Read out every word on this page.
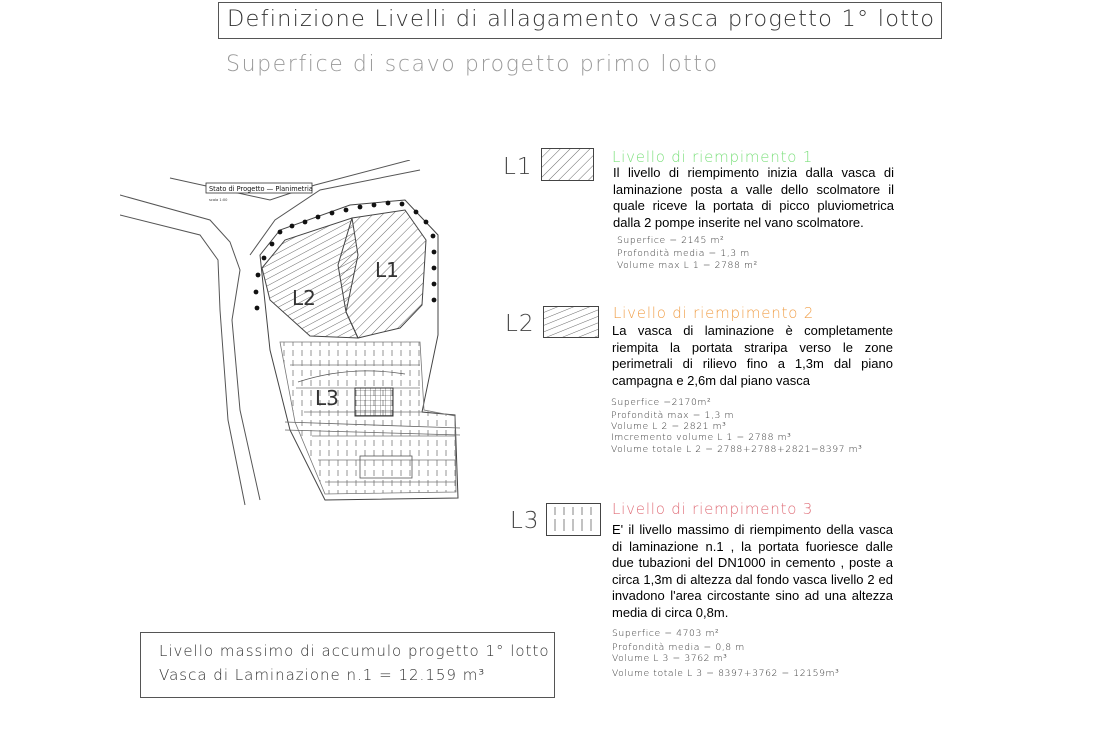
Definizione Livelli di allagamento vasca progetto 1° lotto
Superfice di scavo progetto primo lotto
L1
L2
L3
Stato di Progetto — Planimetria
scala 1:00
L1	Livello di riempimento 1
Il livello di riempimento inizia dalla vasca di laminazione posta a valle dello scolmatore il quale riceve la portata di picco pluviometrica dalla 2 pompe inserite nel vano scolmatore.
Superfice = 2145 m²
Profondità media = 1,3 m
Volume max L 1 = 2788 m²
L2	Livello di riempimento 2
La vasca di laminazione è completamente riempita la portata straripa verso le zone perimetrali di rilievo fino a 1,3m dal piano campagna e 2,6m dal piano vasca
Superfice =2170m²
Profondità max = 1,3 m
Volume L 2 = 2821 m³
Imcremento volume L 1 = 2788 m³
Volume totale L 2 = 2788+2788+2821=8397 m³
L3	Livello di riempimento 3
E' il livello massimo di riempimento della vasca di laminazione n.1 , la portata fuoriesce dalle due tubazioni del DN1000 in cemento , poste a circa 1,3m di altezza dal fondo vasca livello 2 ed invadono l'area circostante sino ad una altezza media di circa 0,8m.
Superfice = 4703 m²
Profondità media = 0,8 m
Volume L 3 = 3762 m³
Volume totale L 3 = 8397+3762 = 12159m³
Livello massimo di accumulo progetto 1° lotto
Vasca di Laminazione n.1 = 12.159 m³
